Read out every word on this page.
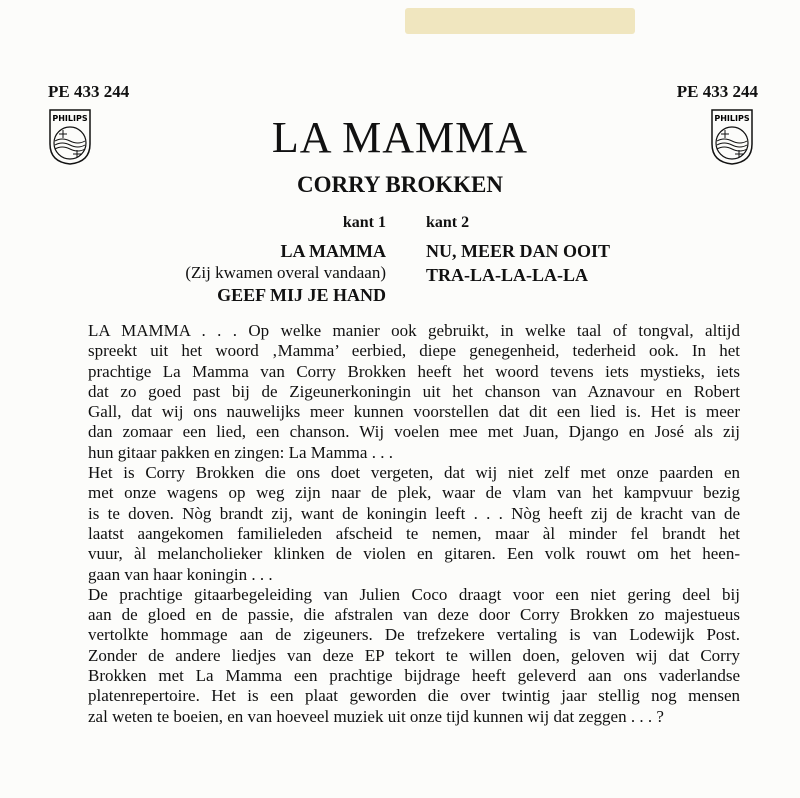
PE 433 244	PE 433 244
PHILIPS	PHILIPS
LA MAMMA
CORRY BROKKEN
kant 1
LA MAMMA
(Zij kwamen overal vandaan)
GEEF MIJ JE HAND
kant 2
NU, MEER DAN OOIT
TRA-LA-LA-LA-LA
LA MAMMA . . . Op welke manier ook gebruikt, in welke taal of tongval, altijd
spreekt uit het woord ‚Mamma’ eerbied, diepe genegenheid, tederheid ook. In het
prachtige La Mamma van Corry Brokken heeft het woord tevens iets mystieks, iets
dat zo goed past bij de Zigeunerkoningin uit het chanson van Aznavour en Robert
Gall, dat wij ons nauwelijks meer kunnen voorstellen dat dit een lied is. Het is meer
dan zomaar een lied, een chanson. Wij voelen mee met Juan, Django en José als zij
hun gitaar pakken en zingen: La Mamma . . .
Het is Corry Brokken die ons doet vergeten, dat wij niet zelf met onze paarden en
met onze wagens op weg zijn naar de plek, waar de vlam van het kampvuur bezig
is te doven. Nòg brandt zij, want de koningin leeft . . . Nòg heeft zij de kracht van de
laatst aangekomen familieleden afscheid te nemen, maar àl minder fel brandt het
vuur, àl melancholieker klinken de violen en gitaren. Een volk rouwt om het heen-
gaan van haar koningin . . .
De prachtige gitaarbegeleiding van Julien Coco draagt voor een niet gering deel bij
aan de gloed en de passie, die afstralen van deze door Corry Brokken zo majestueus
vertolkte hommage aan de zigeuners. De trefzekere vertaling is van Lodewijk Post.
Zonder de andere liedjes van deze EP tekort te willen doen, geloven wij dat Corry
Brokken met La Mamma een prachtige bijdrage heeft geleverd aan ons vaderlandse
platenrepertoire. Het is een plaat geworden die over twintig jaar stellig nog mensen
zal weten te boeien, en van hoeveel muziek uit onze tijd kunnen wij dat zeggen . . . ?
